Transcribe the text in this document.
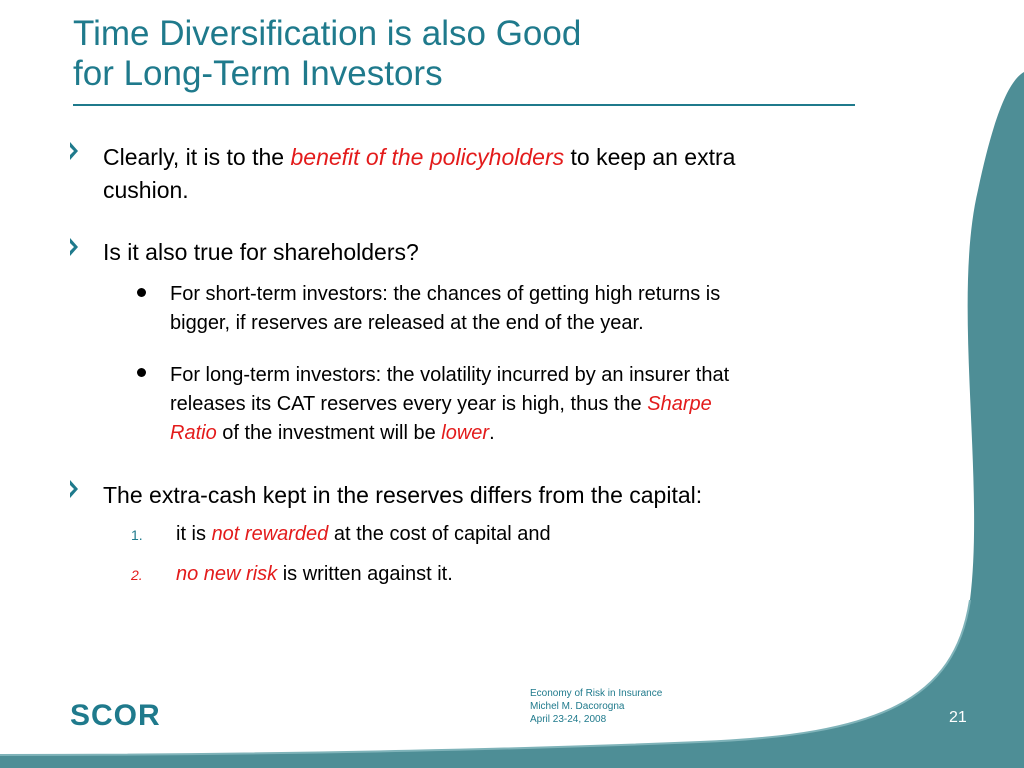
Time Diversification is also Good
for Long-Term Investors

Clearly, it is to the benefit of the policyholders to keep an extra

cushion.

Is it also true for shareholders?

For short-term investors: the chances of getting high returns is

bigger, if reserves are released at the end of the year.

For long-term investors: the volatility incurred by an insurer that

releases its CAT reserves every year is high, thus the Sharpe

Ratio of the investment will be lower.

The extra-cash kept in the reserves differs from the capital:

1. it is not rewarded at the cost of capital and

2. no new risk is written against it.

SCOR
Economy of Risk in Insurance
Michel M. Dacorogna
April 23-24, 2008	21
